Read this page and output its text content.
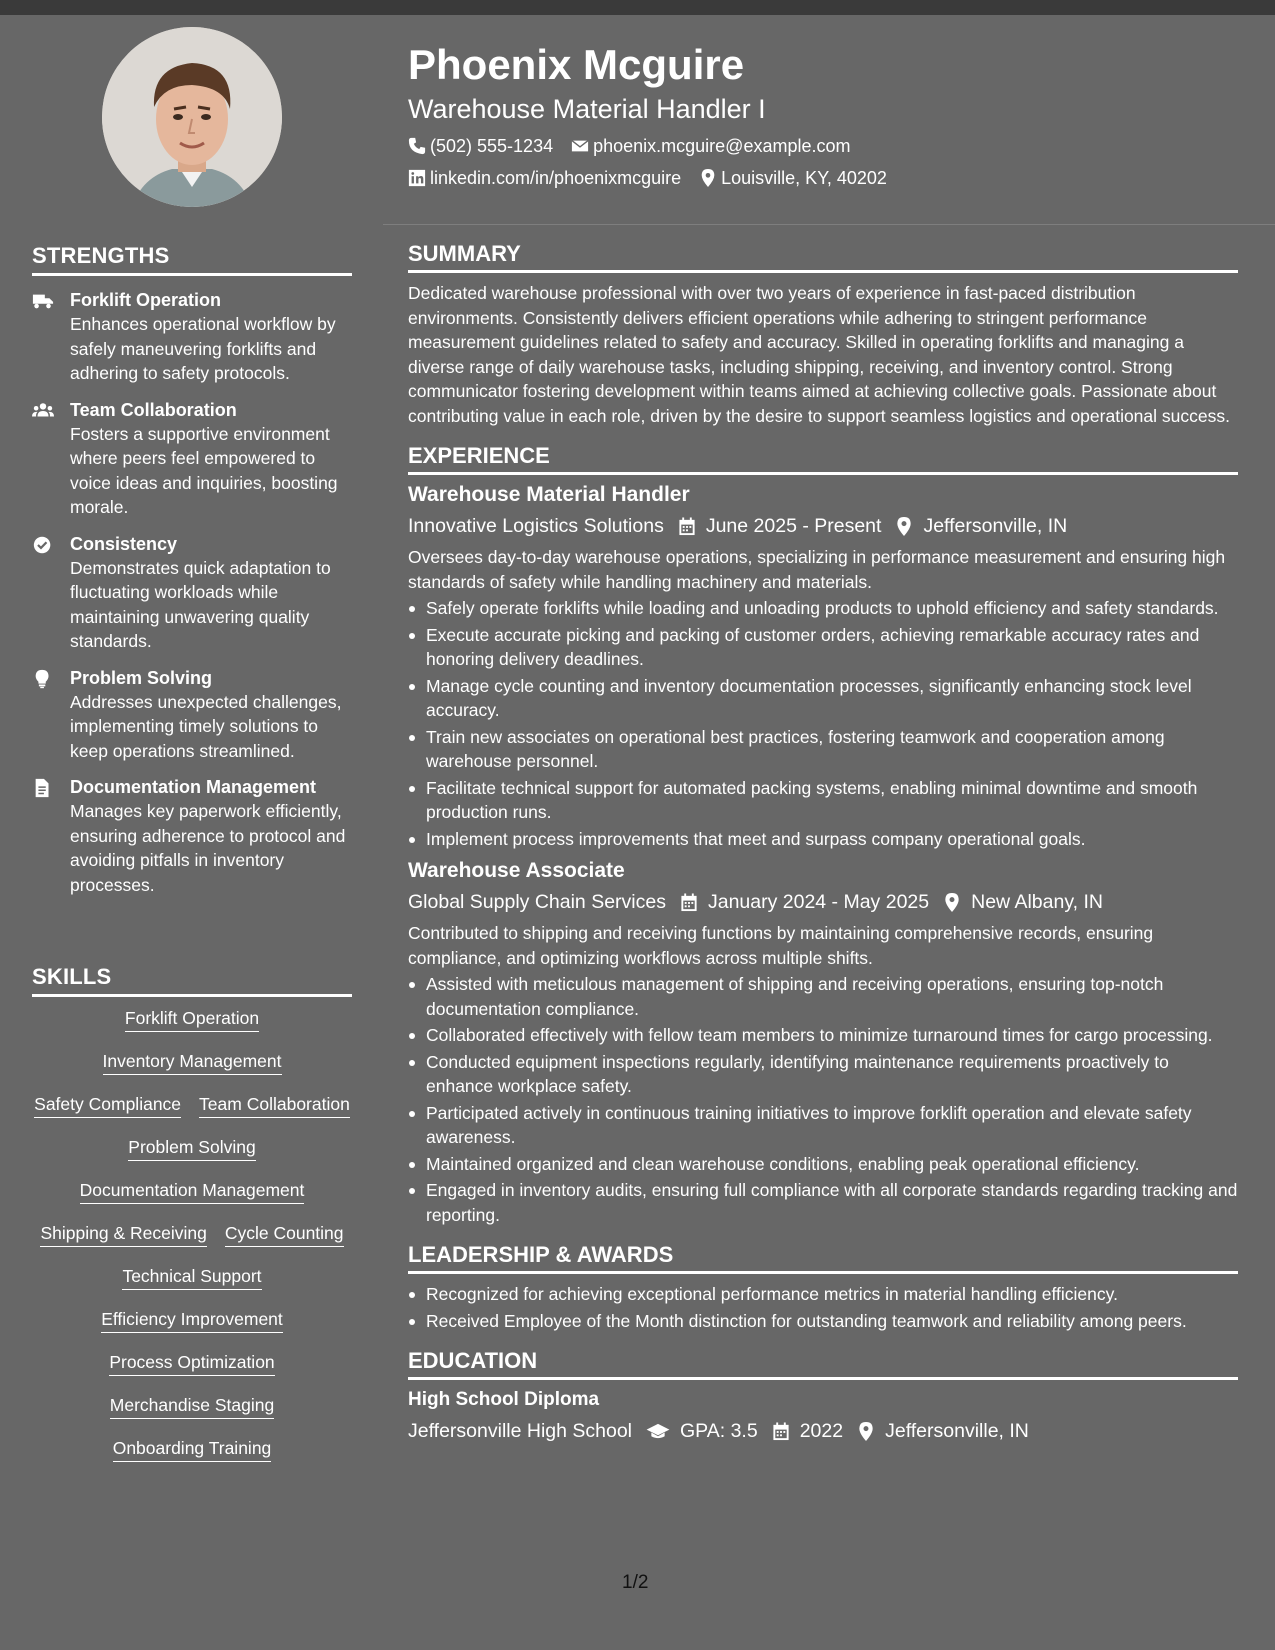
STRENGTHS
Forklift Operation
Enhances operational workflow by safely maneuvering forklifts and adhering to safety protocols.
Team Collaboration
Fosters a supportive environment where peers feel empowered to voice ideas and inquiries, boosting morale.
Consistency
Demonstrates quick adaptation to fluctuating workloads while maintaining unwavering quality standards.
Problem Solving
Addresses unexpected challenges, implementing timely solutions to keep operations streamlined.
Documentation Management
Manages key paperwork efficiently, ensuring adherence to protocol and avoiding pitfalls in inventory processes.
SKILLS
Forklift Operation
Inventory Management
Safety Compliance Team Collaboration
Problem Solving
Documentation Management
Shipping & Receiving Cycle Counting
Technical Support
Efficiency Improvement
Process Optimization
Merchandise Staging
Onboarding Training
Phoenix Mcguire
Warehouse Material Handler I
(502) 555-1234 phoenix.mcguire@example.com
linkedin.com/in/phoenixmcguire Louisville, KY, 40202
SUMMARY
Dedicated warehouse professional with over two years of experience in fast-paced distribution environments. Consistently delivers efficient operations while adhering to stringent performance measurement guidelines related to safety and accuracy. Skilled in operating forklifts and managing a diverse range of daily warehouse tasks, including shipping, receiving, and inventory control. Strong communicator fostering development within teams aimed at achieving collective goals. Passionate about contributing value in each role, driven by the desire to support seamless logistics and operational success.
EXPERIENCE
Warehouse Material Handler
Innovative Logistics Solutions June 2025 - Present Jeffersonville, IN
Oversees day-to-day warehouse operations, specializing in performance measurement and ensuring high standards of safety while handling machinery and materials.
Safely operate forklifts while loading and unloading products to uphold efficiency and safety standards.
Execute accurate picking and packing of customer orders, achieving remarkable accuracy rates and honoring delivery deadlines.
Manage cycle counting and inventory documentation processes, significantly enhancing stock level accuracy.
Train new associates on operational best practices, fostering teamwork and cooperation among warehouse personnel.
Facilitate technical support for automated packing systems, enabling minimal downtime and smooth production runs.
Implement process improvements that meet and surpass company operational goals.
Warehouse Associate
Global Supply Chain Services January 2024 - May 2025 New Albany, IN
Contributed to shipping and receiving functions by maintaining comprehensive records, ensuring compliance, and optimizing workflows across multiple shifts.
Assisted with meticulous management of shipping and receiving operations, ensuring top-notch documentation compliance.
Collaborated effectively with fellow team members to minimize turnaround times for cargo processing.
Conducted equipment inspections regularly, identifying maintenance requirements proactively to enhance workplace safety.
Participated actively in continuous training initiatives to improve forklift operation and elevate safety awareness.
Maintained organized and clean warehouse conditions, enabling peak operational efficiency.
Engaged in inventory audits, ensuring full compliance with all corporate standards regarding tracking and reporting.
LEADERSHIP & AWARDS
Recognized for achieving exceptional performance metrics in material handling efficiency.
Received Employee of the Month distinction for outstanding teamwork and reliability among peers.
EDUCATION
High School Diploma
Jeffersonville High School GPA: 3.5 2022 Jeffersonville, IN
1/2
